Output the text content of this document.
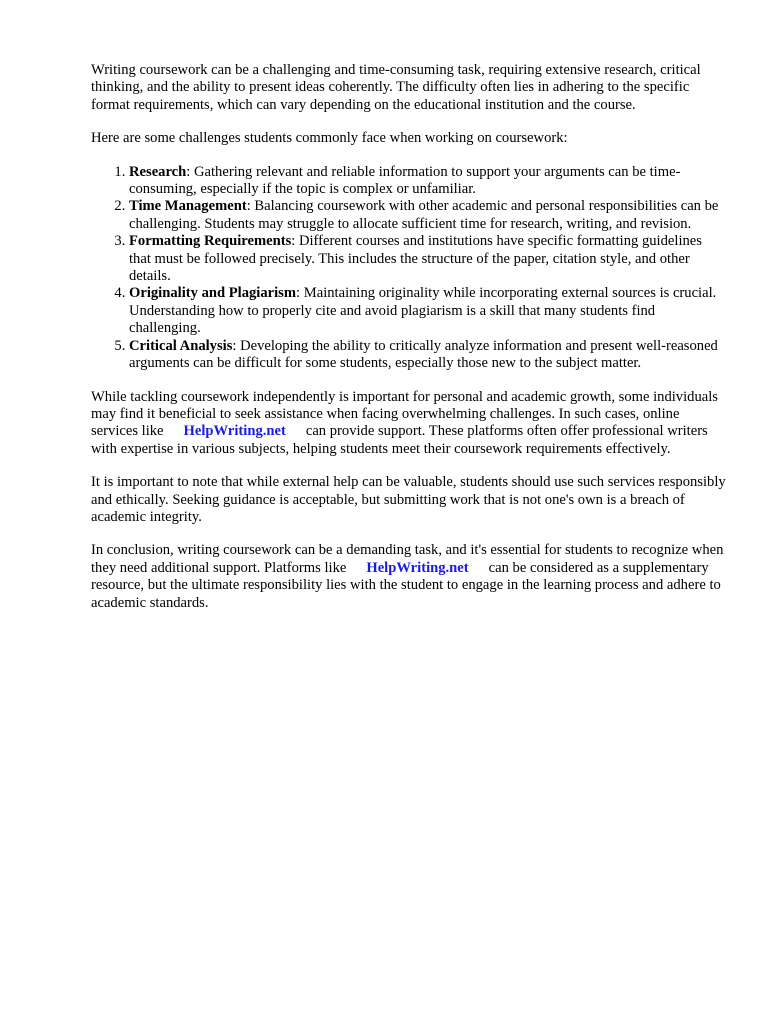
Writing coursework can be a challenging and time-consuming task, requiring extensive research, critical thinking, and the ability to present ideas coherently. The difficulty often lies in adhering to the specific format requirements, which can vary depending on the educational institution and the course.

Here are some challenges students commonly face when working on coursework:

1. Research: Gathering relevant and reliable information to support your arguments can be time-consuming, especially if the topic is complex or unfamiliar.
2. Time Management: Balancing coursework with other academic and personal responsibilities can be challenging. Students may struggle to allocate sufficient time for research, writing, and revision.
3. Formatting Requirements: Different courses and institutions have specific formatting guidelines that must be followed precisely. This includes the structure of the paper, citation style, and other details.
4. Originality and Plagiarism: Maintaining originality while incorporating external sources is crucial. Understanding how to properly cite and avoid plagiarism is a skill that many students find challenging.
5. Critical Analysis: Developing the ability to critically analyze information and present well-reasoned arguments can be difficult for some students, especially those new to the subject matter.

While tackling coursework independently is important for personal and academic growth, some individuals may find it beneficial to seek assistance when facing overwhelming challenges. In such cases, online services like HelpWriting.net can provide support. These platforms often offer professional writers with expertise in various subjects, helping students meet their coursework requirements effectively.

It is important to note that while external help can be valuable, students should use such services responsibly and ethically. Seeking guidance is acceptable, but submitting work that is not one's own is a breach of academic integrity.

In conclusion, writing coursework can be a demanding task, and it's essential for students to recognize when they need additional support. Platforms like HelpWriting.net can be considered as a supplementary resource, but the ultimate responsibility lies with the student to engage in the learning process and adhere to academic standards.
